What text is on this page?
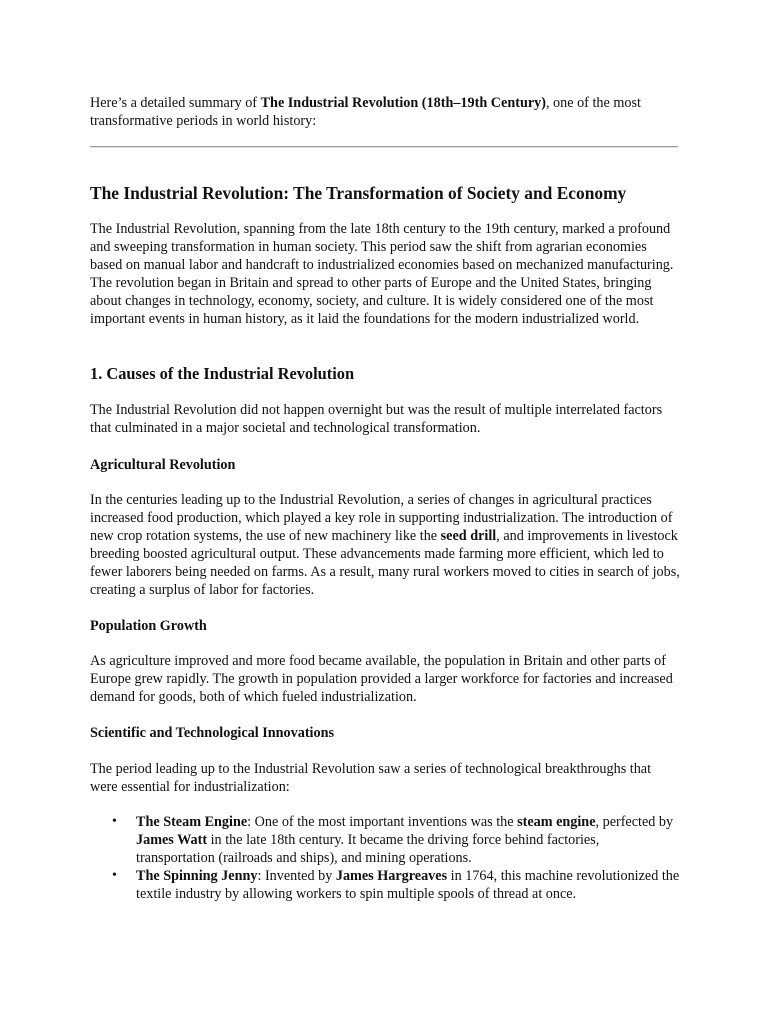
Here’s a detailed summary of The Industrial Revolution (18th–19th Century), one of the most transformative periods in world history:

The Industrial Revolution: The Transformation of Society and Economy

The Industrial Revolution, spanning from the late 18th century to the 19th century, marked a profound and sweeping transformation in human society. This period saw the shift from agrarian economies based on manual labor and handcraft to industrialized economies based on mechanized manufacturing. The revolution began in Britain and spread to other parts of Europe and the United States, bringing about changes in technology, economy, society, and culture. It is widely considered one of the most important events in human history, as it laid the foundations for the modern industrialized world.

1. Causes of the Industrial Revolution

The Industrial Revolution did not happen overnight but was the result of multiple interrelated factors that culminated in a major societal and technological transformation.

Agricultural Revolution

In the centuries leading up to the Industrial Revolution, a series of changes in agricultural practices increased food production, which played a key role in supporting industrialization. The introduction of new crop rotation systems, the use of new machinery like the seed drill, and improvements in livestock breeding boosted agricultural output. These advancements made farming more efficient, which led to fewer laborers being needed on farms. As a result, many rural workers moved to cities in search of jobs, creating a surplus of labor for factories.

Population Growth

As agriculture improved and more food became available, the population in Britain and other parts of Europe grew rapidly. The growth in population provided a larger workforce for factories and increased demand for goods, both of which fueled industrialization.

Scientific and Technological Innovations

The period leading up to the Industrial Revolution saw a series of technological breakthroughs that were essential for industrialization:

• The Steam Engine: One of the most important inventions was the steam engine, perfected by James Watt in the late 18th century. It became the driving force behind factories, transportation (railroads and ships), and mining operations.
• The Spinning Jenny: Invented by James Hargreaves in 1764, this machine revolutionized the textile industry by allowing workers to spin multiple spools of thread at once.
